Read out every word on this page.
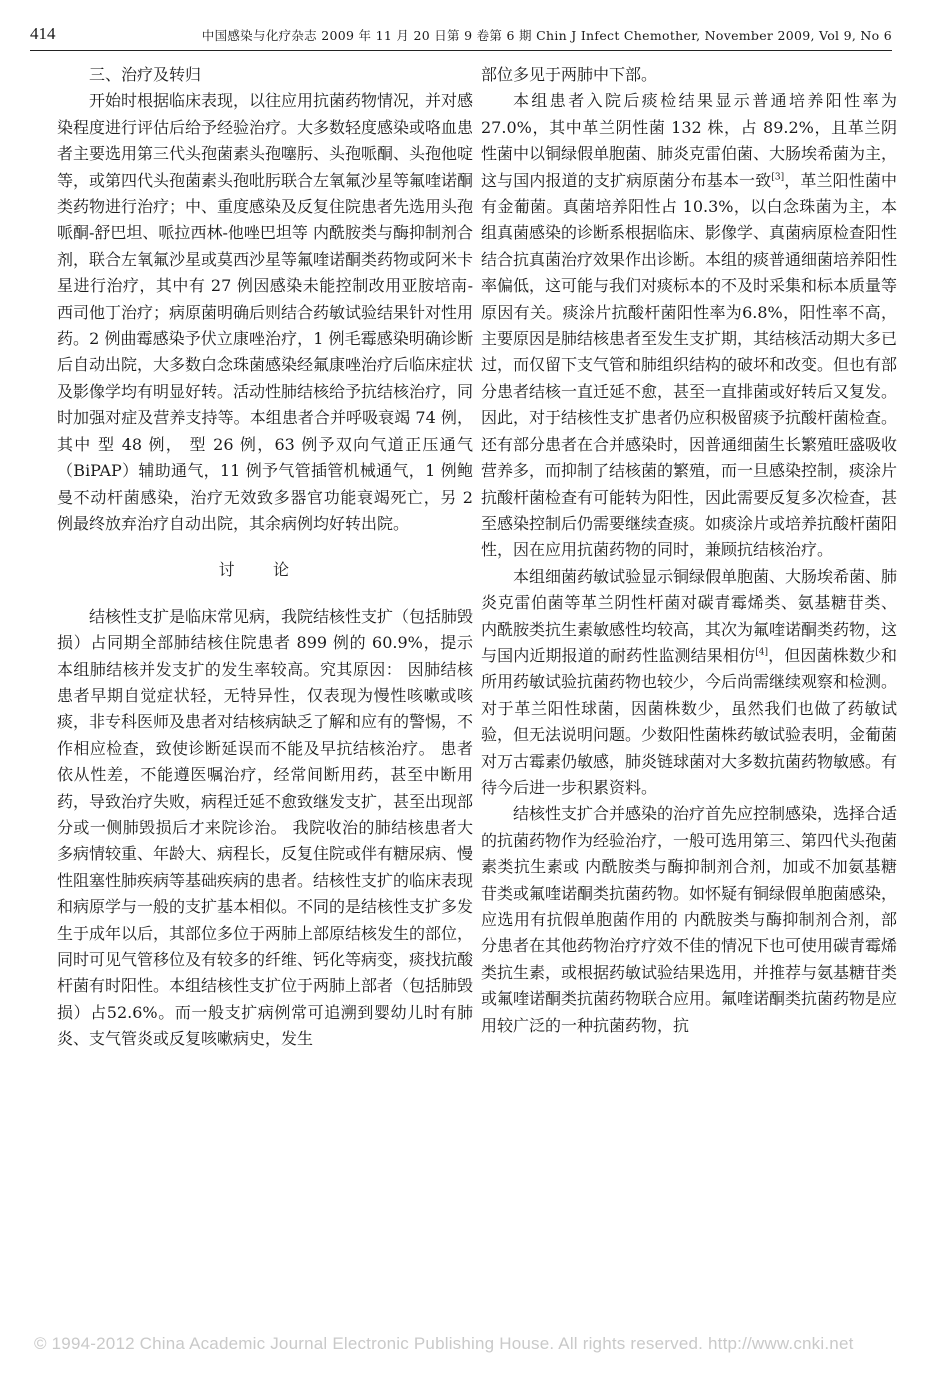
414	中国感染与化疗杂志 2009 年 11 月 20 日第 9 卷第 6 期 Chin J Infect Chemother, November 2009, Vol 9, No 6

三、治疗及转归

开始时根据临床表现，以往应用抗菌药物情况，并对感染程度进行评估后给予经验治疗。大多数轻度感染或咯血患者主要选用第三代头孢菌素头孢噻肟、头孢哌酮、头孢他啶等，或第四代头孢菌素头孢吡肟联合左氧氟沙星等氟喹诺酮类药物进行治疗；中、重度感染及反复住院患者先选用头孢哌酮-舒巴坦、哌拉西林-他唑巴坦等 内酰胺类与酶抑制剂合剂，联合左氧氟沙星或莫西沙星等氟喹诺酮类药物或阿米卡星进行治疗，其中有 27 例因感染未能控制改用亚胺培南-西司他丁治疗；病原菌明确后则结合药敏试验结果针对性用药。2 例曲霉感染予伏立康唑治疗，1 例毛霉感染明确诊断后自动出院，大多数白念珠菌感染经氟康唑治疗后临床症状及影像学均有明显好转。活动性肺结核给予抗结核治疗，同时加强对症及营养支持等。本组患者合并呼吸衰竭 74 例，其中 型 48 例， 型 26 例，63 例予双向气道正压通气（BiPAP）辅助通气，11 例予气管插管机械通气，1 例鲍曼不动杆菌感染，治疗无效致多器官功能衰竭死亡，另 2 例最终放弃治疗自动出院，其余病例均好转出院。

讨论

结核性支扩是临床常见病，我院结核性支扩（包括肺毁损）占同期全部肺结核住院患者 899 例的 60.9%，提示本组肺结核并发支扩的发生率较高。究其原因： 因肺结核患者早期自觉症状轻，无特异性，仅表现为慢性咳嗽或咳痰，非专科医师及患者对结核病缺乏了解和应有的警惕，不作相应检查，致使诊断延误而不能及早抗结核治疗。 患者依从性差，不能遵医嘱治疗，经常间断用药，甚至中断用药，导致治疗失败，病程迁延不愈致继发支扩，甚至出现部分或一侧肺毁损后才来院诊治。 我院收治的肺结核患者大多病情较重、年龄大、病程长，反复住院或伴有糖尿病、慢性阻塞性肺疾病等基础疾病的患者。结核性支扩的临床表现和病原学与一般的支扩基本相似。不同的是结核性支扩多发生于成年以后，其部位多位于两肺上部原结核发生的部位，同时可见气管移位及有较多的纤维、钙化等病变，痰找抗酸杆菌有时阳性。本组结核性支扩位于两肺上部者（包括肺毁损）占52.6%。而一般支扩病例常可追溯到婴幼儿时有肺炎、支气管炎或反复咳嗽病史，发生

部位多见于两肺中下部。

本组患者入院后痰检结果显示普通培养阳性率为 27.0%，其中革兰阴性菌 132 株，占 89.2%，且革兰阴性菌中以铜绿假单胞菌、肺炎克雷伯菌、大肠埃希菌为主，这与国内报道的支扩病原菌分布基本一致[3]，革兰阳性菌中有金葡菌。真菌培养阳性占 10.3%，以白念珠菌为主，本组真菌感染的诊断系根据临床、影像学、真菌病原检查阳性结合抗真菌治疗效果作出诊断。本组的痰普通细菌培养阳性率偏低，这可能与我们对痰标本的不及时采集和标本质量等原因有关。痰涂片抗酸杆菌阳性率为6.8%，阳性率不高，主要原因是肺结核患者至发生支扩期，其结核活动期大多已过，而仅留下支气管和肺组织结构的破坏和改变。但也有部分患者结核一直迁延不愈，甚至一直排菌或好转后又复发。因此，对于结核性支扩患者仍应积极留痰予抗酸杆菌检查。还有部分患者在合并感染时，因普通细菌生长繁殖旺盛吸收营养多，而抑制了结核菌的繁殖，而一旦感染控制，痰涂片抗酸杆菌检查有可能转为阳性，因此需要反复多次检查，甚至感染控制后仍需要继续查痰。如痰涂片或培养抗酸杆菌阳性，因在应用抗菌药物的同时，兼顾抗结核治疗。

本组细菌药敏试验显示铜绿假单胞菌、大肠埃希菌、肺炎克雷伯菌等革兰阴性杆菌对碳青霉烯类、氨基糖苷类、 内酰胺类抗生素敏感性均较高，其次为氟喹诺酮类药物，这与国内近期报道的耐药性监测结果相仿[4]，但因菌株数少和所用药敏试验抗菌药物也较少，今后尚需继续观察和检测。对于革兰阳性球菌，因菌株数少，虽然我们也做了药敏试验，但无法说明问题。少数阳性菌株药敏试验表明，金葡菌对万古霉素仍敏感，肺炎链球菌对大多数抗菌药物敏感。有待今后进一步积累资料。

结核性支扩合并感染的治疗首先应控制感染，选择合适的抗菌药物作为经验治疗，一般可选用第三、第四代头孢菌素类抗生素或 内酰胺类与酶抑制剂合剂，加或不加氨基糖苷类或氟喹诺酮类抗菌药物。如怀疑有铜绿假单胞菌感染，应选用有抗假单胞菌作用的 内酰胺类与酶抑制剂合剂，部分患者在其他药物治疗疗效不佳的情况下也可使用碳青霉烯类抗生素，或根据药敏试验结果选用，并推荐与氨基糖苷类或氟喹诺酮类抗菌药物联合应用。氟喹诺酮类抗菌药物是应用较广泛的一种抗菌药物，抗

© 1994-2012 China Academic Journal Electronic Publishing House. All rights reserved. http://www.cnki.net
